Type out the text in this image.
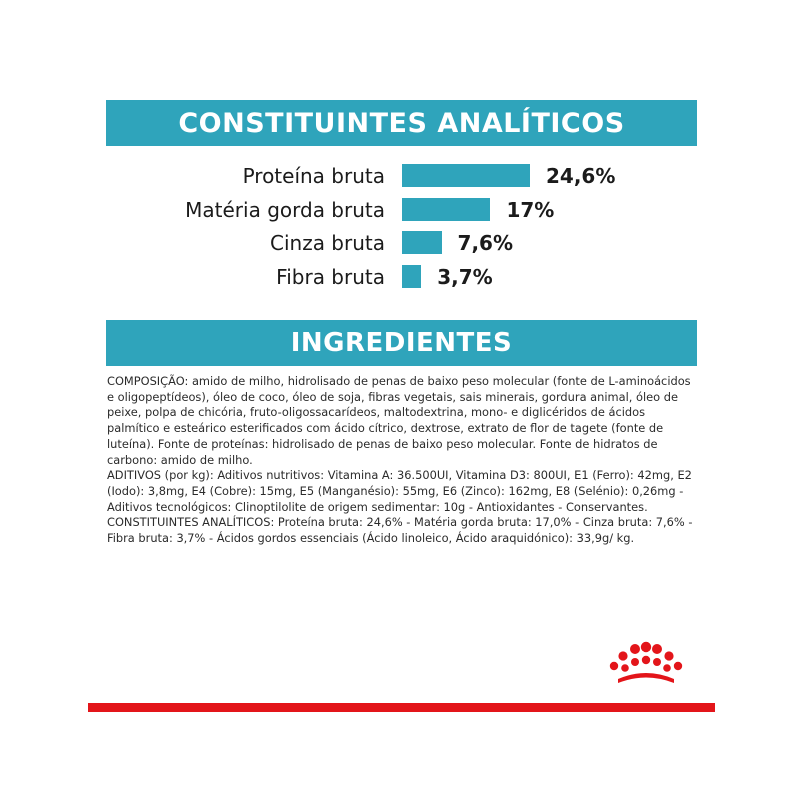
CONSTITUINTES ANALÍTICOS
Proteína bruta	24,6%
Matéria gorda bruta	17%
Cinza bruta	7,6%
Fibra bruta	3,7%
INGREDIENTES

COMPOSIÇÃO: amido de milho, hidrolisado de penas de baixo peso molecular (fonte de L-aminoácidos e oligopeptídeos), óleo de coco, óleo de soja, fibras vegetais, sais minerais, gordura animal, óleo de peixe, polpa de chicória, fruto-oligossacarídeos, maltodextrina, mono- e diglicéridos de ácidos palmítico e esteárico esterificados com ácido cítrico, dextrose, extrato de flor de tagete (fonte de luteína). Fonte de proteínas: hidrolisado de penas de baixo peso molecular. Fonte de hidratos de carbono: amido de milho.

ADITIVOS (por kg): Aditivos nutritivos: Vitamina A: 36.500UI, Vitamina D3: 800UI, E1 (Ferro): 42mg, E2 (Iodo): 3,8mg, E4 (Cobre): 15mg, E5 (Manganésio): 55mg, E6 (Zinco): 162mg, E8 (Selénio): 0,26mg - Aditivos tecnológicos: Clinoptilolite de origem sedimentar: 10g - Antioxidantes - Conservantes.

CONSTITUINTES ANALÍTICOS: Proteína bruta: 24,6% - Matéria gorda bruta: 17,0% - Cinza bruta: 7,6% - Fibra bruta: 3,7% - Ácidos gordos essenciais (Ácido linoleico, Ácido araquidónico): 33,9g/ kg.
